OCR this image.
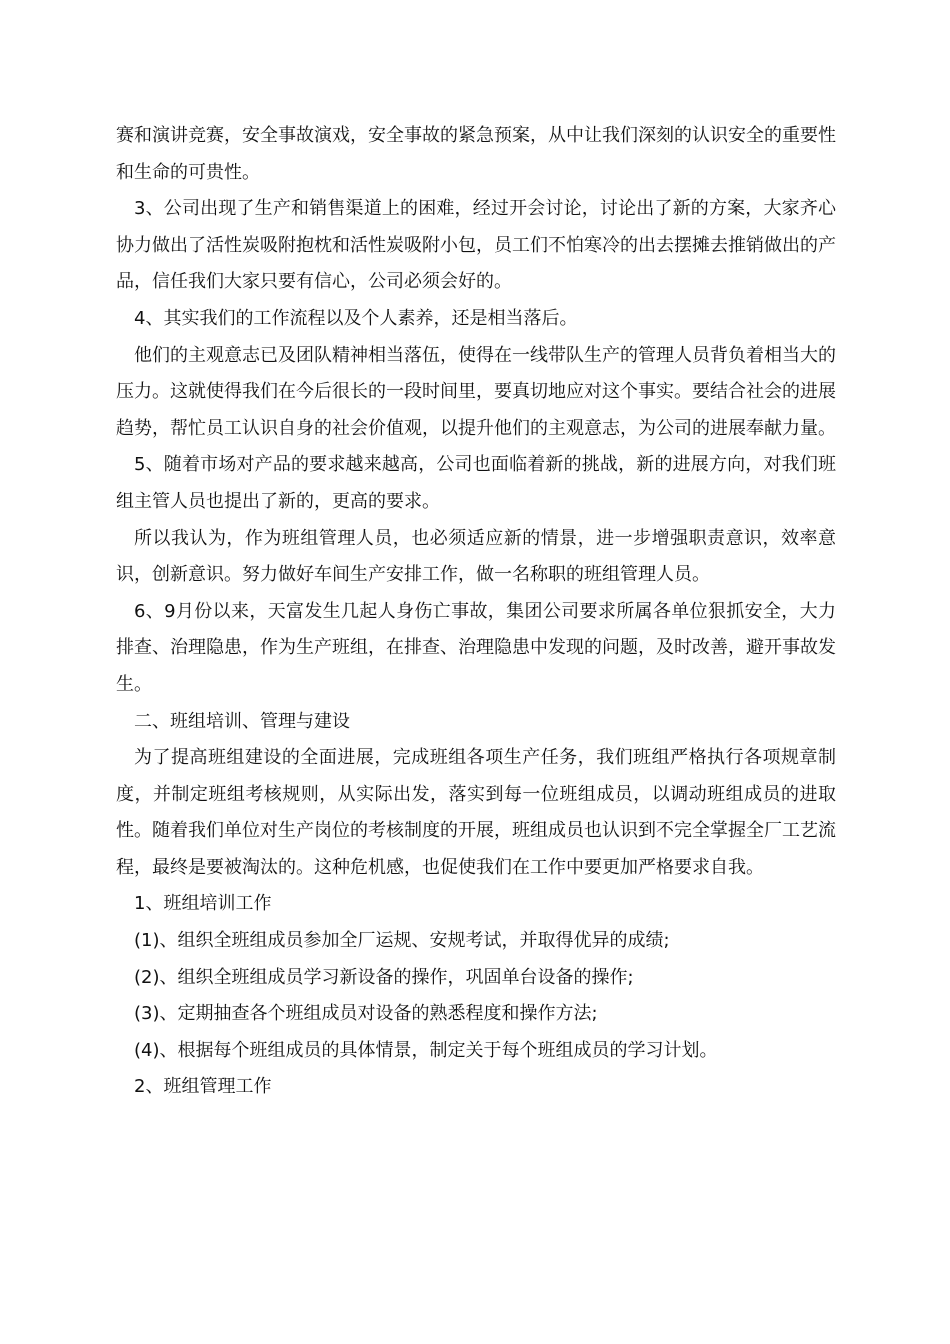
赛和演讲竞赛，安全事故演戏，安全事故的紧急预案，从中让我们深刻的认识安全的重要性和生命的可贵性。

3、公司出现了生产和销售渠道上的困难，经过开会讨论，讨论出了新的方案，大家齐心协力做出了活性炭吸附抱枕和活性炭吸附小包，员工们不怕寒冷的出去摆摊去推销做出的产品，信任我们大家只要有信心，公司必须会好的。

4、其实我们的工作流程以及个人素养，还是相当落后。

他们的主观意志已及团队精神相当落伍，使得在一线带队生产的管理人员背负着相当大的压力。这就使得我们在今后很长的一段时间里，要真切地应对这个事实。要结合社会的进展趋势，帮忙员工认识自身的社会价值观，以提升他们的主观意志，为公司的进展奉献力量。

5、随着市场对产品的要求越来越高，公司也面临着新的挑战，新的进展方向，对我们班组主管人员也提出了新的，更高的要求。

所以我认为，作为班组管理人员，也必须适应新的情景，进一步增强职责意识，效率意识，创新意识。努力做好车间生产安排工作，做一名称职的班组管理人员。

6、9月份以来，天富发生几起人身伤亡事故，集团公司要求所属各单位狠抓安全，大力排查、治理隐患，作为生产班组，在排查、治理隐患中发现的问题，及时改善，避开事故发生。

二、班组培训、管理与建设

为了提高班组建设的全面进展，完成班组各项生产任务，我们班组严格执行各项规章制度，并制定班组考核规则，从实际出发，落实到每一位班组成员，以调动班组成员的进取性。随着我们单位对生产岗位的考核制度的开展，班组成员也认识到不完全掌握全厂工艺流程，最终是要被淘汰的。这种危机感，也促使我们在工作中要更加严格要求自我。

1、班组培训工作

(1)、组织全班组成员参加全厂运规、安规考试，并取得优异的成绩;

(2)、组织全班组成员学习新设备的操作，巩固单台设备的操作;

(3)、定期抽查各个班组成员对设备的熟悉程度和操作方法;

(4)、根据每个班组成员的具体情景，制定关于每个班组成员的学习计划。

2、班组管理工作
